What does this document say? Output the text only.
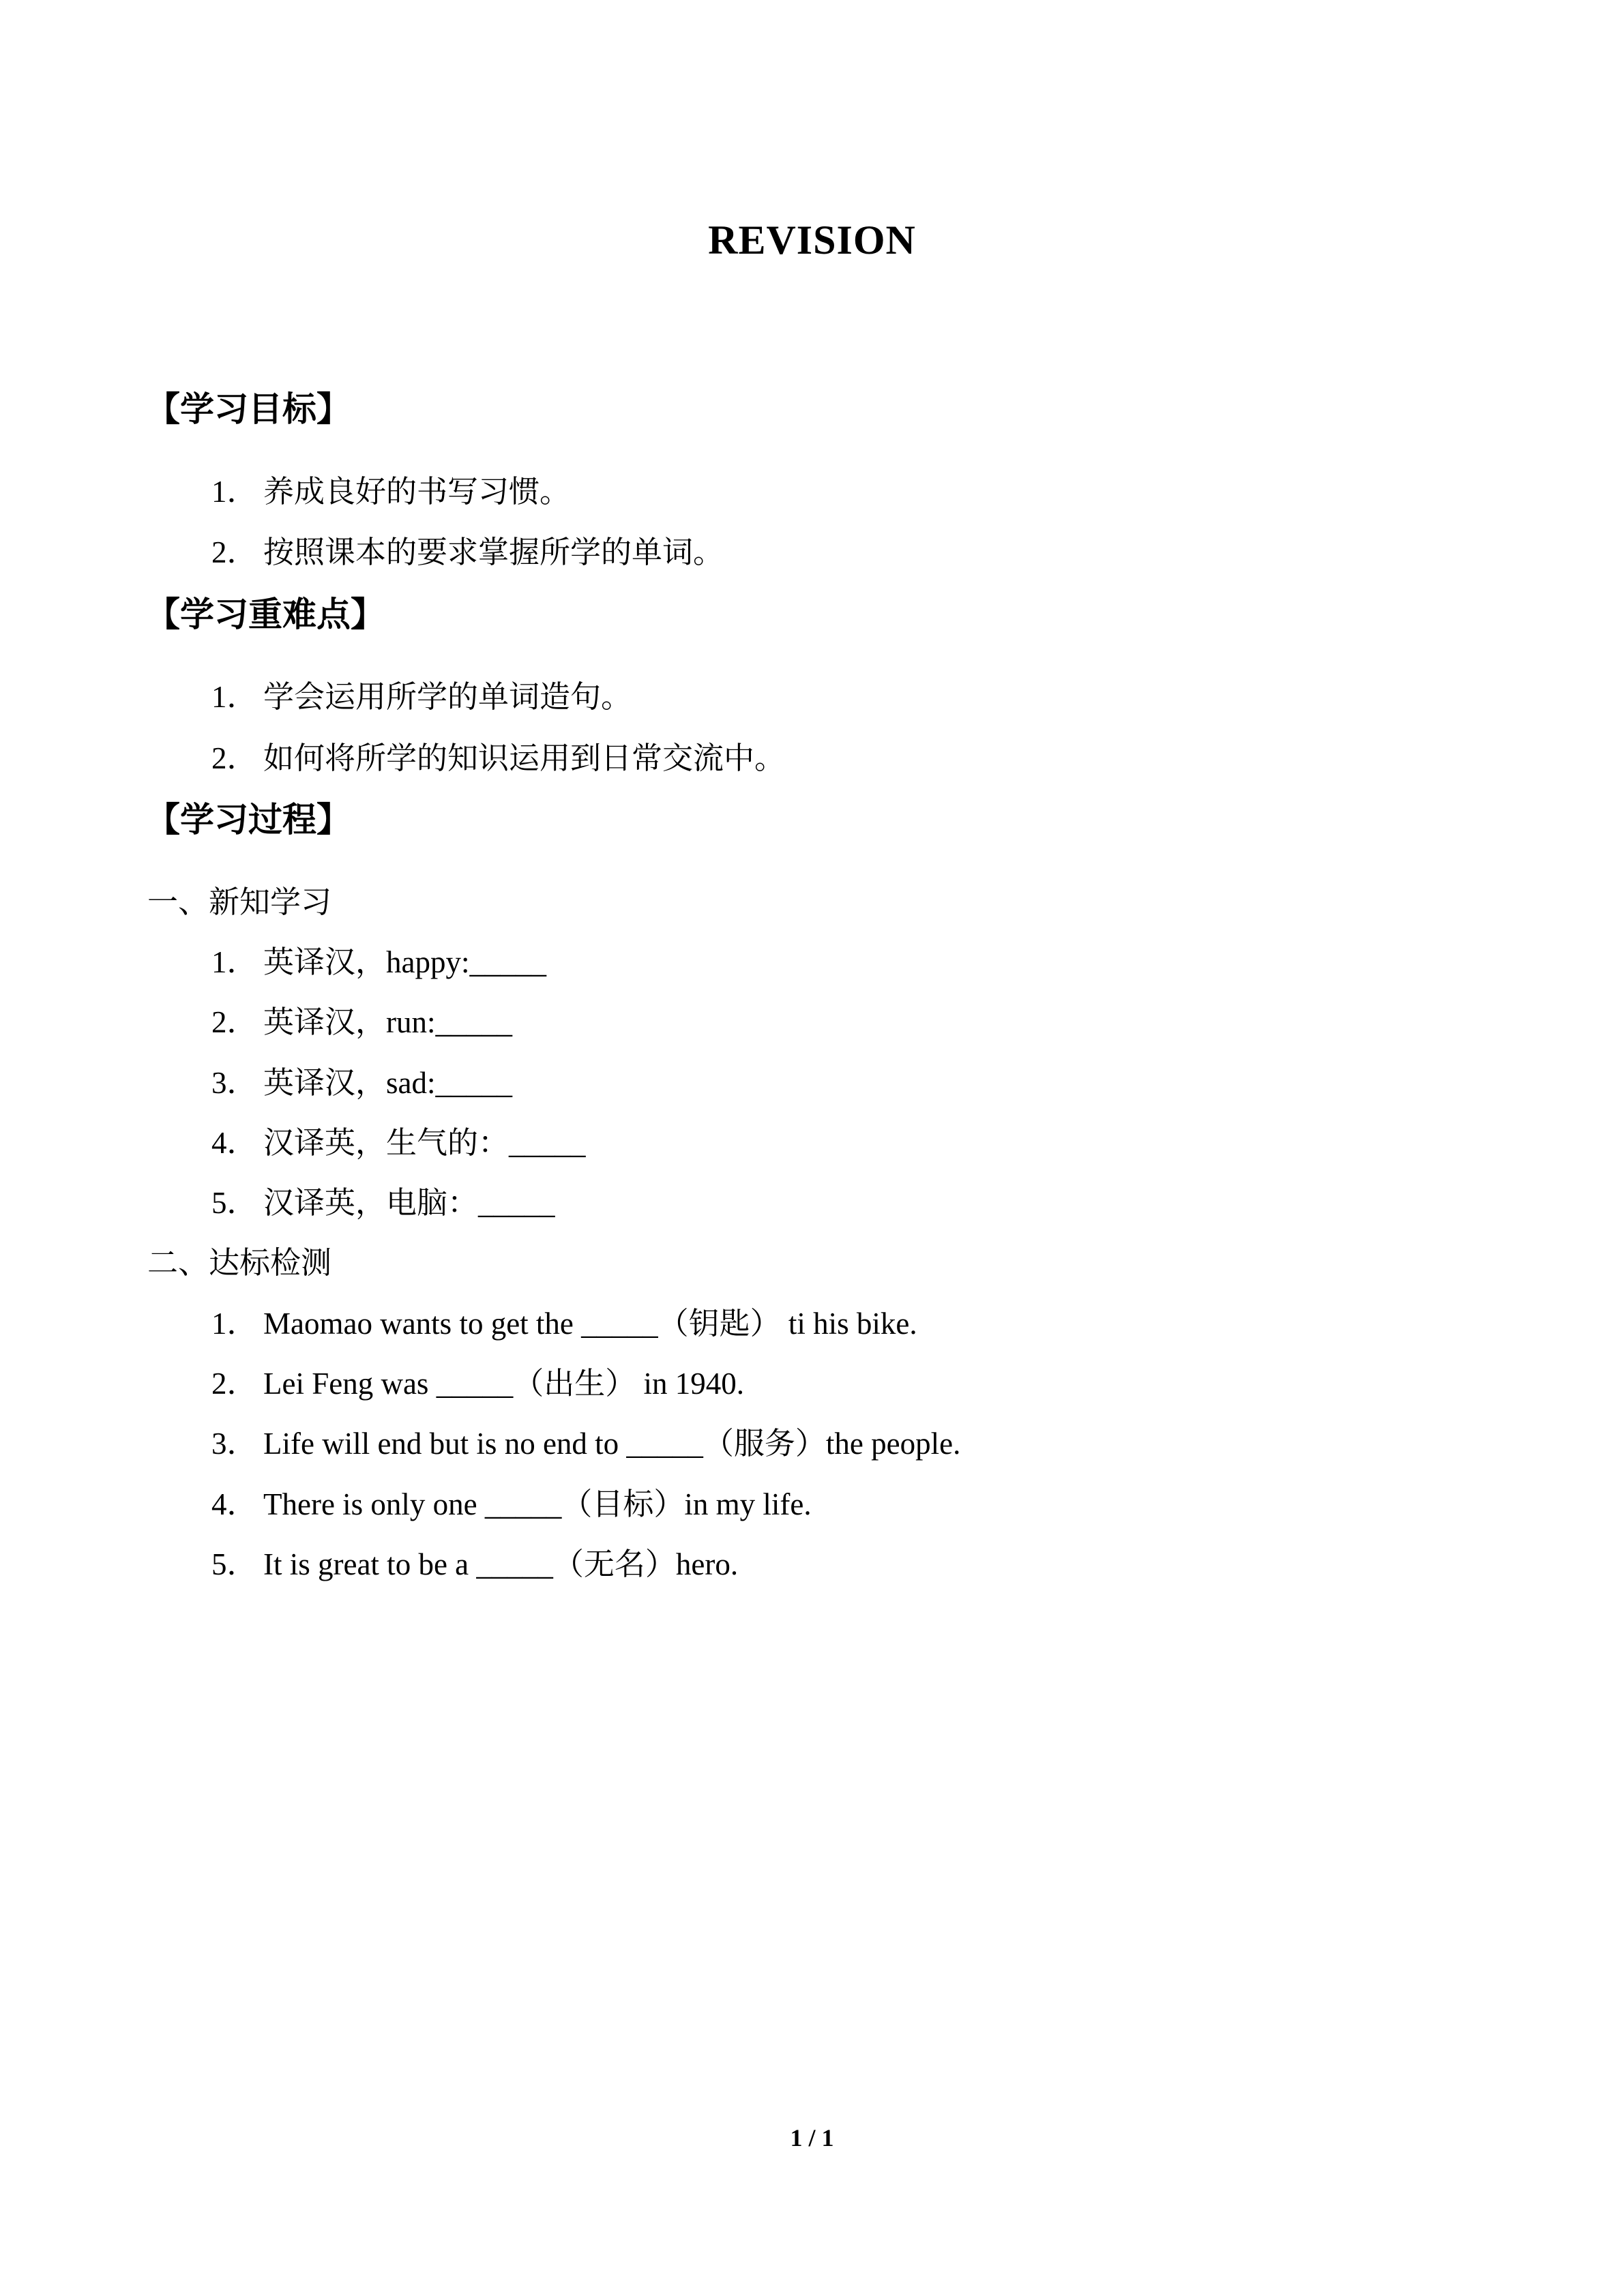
REVISION
【学习目标】
1． 养成良好的书写习惯。
2． 按照课本的要求掌握所学的单词。
【学习重难点】
1． 学会运用所学的单词造句。
2． 如何将所学的知识运用到日常交流中。
【学习过程】
一、新知学习
1． 英译汉，happy:_____
2． 英译汉，run:_____
3． 英译汉，sad:_____
4． 汉译英，生气的：_____
5． 汉译英，电脑：_____
二、达标检测
1． Maomao wants to get the _____（钥匙） ti his bike.
2． Lei Feng was _____（出生） in 1940.
3． Life will end but is no end to _____（服务）the people.
4． There is only one _____（目标）in my life.
5． It is great to be a _____（无名）hero.
1 / 1
